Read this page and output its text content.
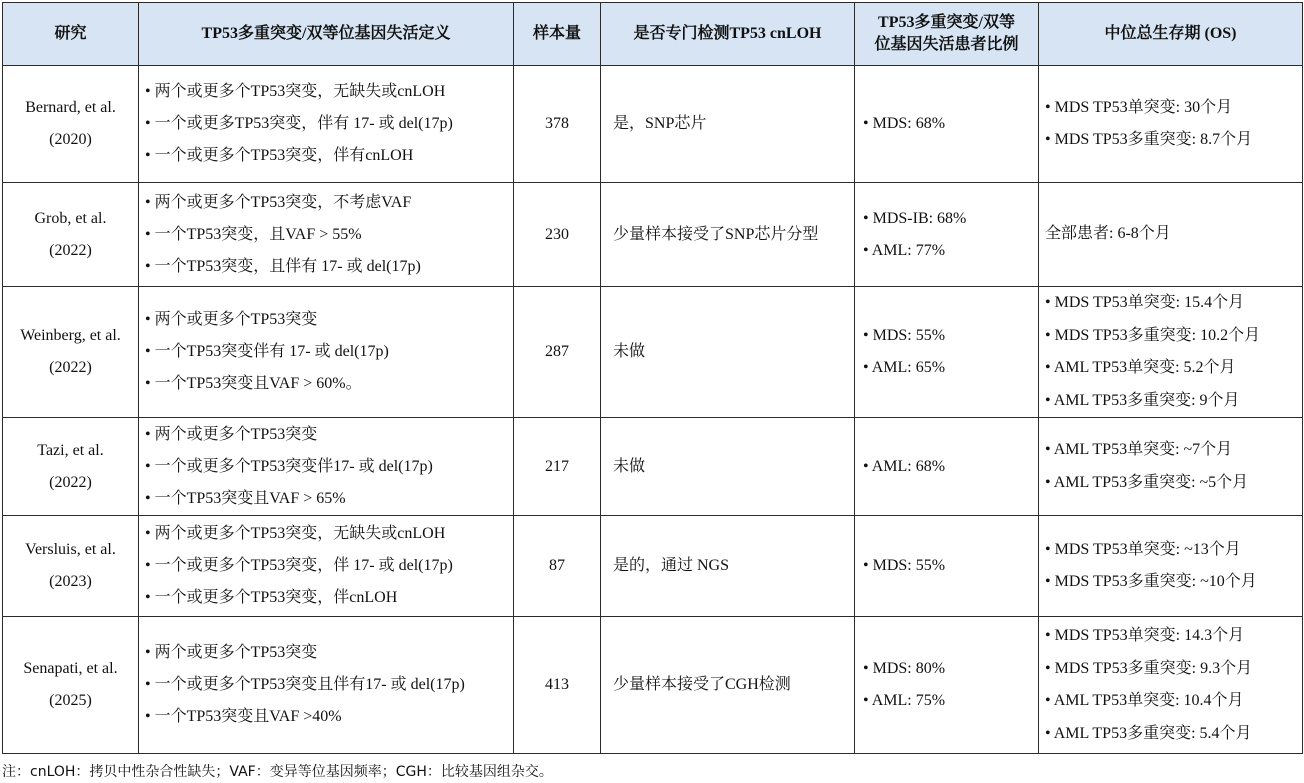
研究	TP53多重突变/双等位基因失活定义	样本量	是否专门检测TP53 cnLOH	TP53多重突变/双等
位基因失活患者比例	中位总生存期 (OS)

Bernard, et al.
(2020)	• 两个或更多个TP53突变，无缺失或cnLOH
• 一个或更多TP53突变，伴有 17- 或 del(17p)
• 一个或更多个TP53突变，伴有cnLOH	378	是，SNP芯片	• MDS: 68%	• MDS TP53单突变: 30个月
• MDS TP53多重突变: 8.7个月

Grob, et al.
(2022)	• 两个或更多个TP53突变，不考虑VAF
• 一个TP53突变，且VAF > 55%
• 一个TP53突变，且伴有 17- 或 del(17p)	230	少量样本接受了SNP芯片分型	• MDS-IB: 68%
• AML: 77%	全部患者: 6-8个月

Weinberg, et al.
(2022)	• 两个或更多个TP53突变
• 一个TP53突变伴有 17- 或 del(17p)
• 一个TP53突变且VAF > 60%。	287	未做	• MDS: 55%
• AML: 65%	• MDS TP53单突变: 15.4个月
• MDS TP53多重突变: 10.2个月
• AML TP53单突变: 5.2个月
• AML TP53多重突变: 9个月

Tazi, et al.
(2022)	• 两个或更多个TP53突变
• 一个或更多个TP53突变伴17- 或 del(17p)
• 一个TP53突变且VAF > 65%	217	未做	• AML: 68%	• AML TP53单突变: ~7个月
• AML TP53多重突变: ~5个月

Versluis, et al.
(2023)	• 两个或更多个TP53突变，无缺失或cnLOH
• 一个或更多个TP53突变，伴 17- 或 del(17p)
• 一个或更多个TP53突变，伴cnLOH	87	是的，通过 NGS	• MDS: 55%	• MDS TP53单突变: ~13个月
• MDS TP53多重突变: ~10个月

Senapati, et al.
(2025)	• 两个或更多个TP53突变
• 一个或更多个TP53突变且伴有17- 或 del(17p)
• 一个TP53突变且VAF >40%	413	少量样本接受了CGH检测	• MDS: 80%
• AML: 75%	• MDS TP53单突变: 14.3个月
• MDS TP53多重突变: 9.3个月
• AML TP53单突变: 10.4个月
• AML TP53多重突变: 5.4个月
注：cnLOH：拷贝中性杂合性缺失；VAF：变异等位基因频率；CGH：比较基因组杂交。
